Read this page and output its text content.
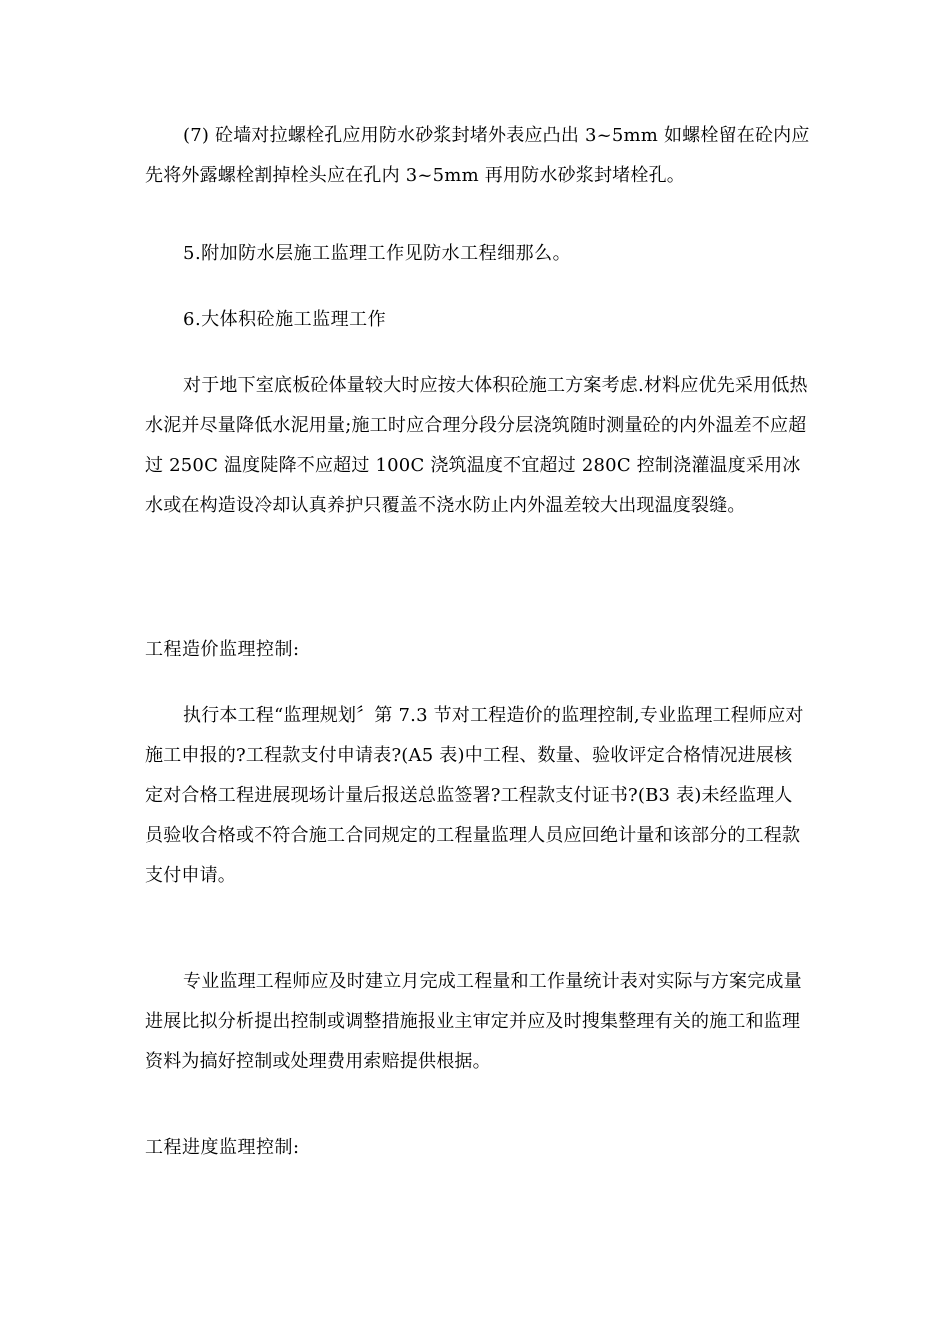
(7) 砼墙对拉螺栓孔应用防水砂浆封堵外表应凸出 3~5mm 如螺栓留在砼内应先将外露螺栓割掉栓头应在孔内 3~5mm 再用防水砂浆封堵栓孔。
5.附加防水层施工监理工作见防水工程细那么。
6.大体积砼施工监理工作
对于地下室底板砼体量较大时应按大体积砼施工方案考虑.材料应优先采用低热水泥并尽量降低水泥用量;施工时应合理分段分层浇筑随时测量砼的内外温差不应超过 250C 温度陡降不应超过 100C 浇筑温度不宜超过 280C 控制浇灌温度采用冰水或在构造设冷却认真养护只覆盖不浇水防止内外温差较大出现温度裂缝。
工程造价监理控制:
执行本工程“监理规划〞第 7.3 节对工程造价的监理控制,专业监理工程师应对施工申报的?工程款支付申请表?(A5 表)中工程、数量、验收评定合格情况进展核定对合格工程进展现场计量后报送总监签署?工程款支付证书?(B3 表)未经监理人员验收合格或不符合施工合同规定的工程量监理人员应回绝计量和该部分的工程款支付申请。
专业监理工程师应及时建立月完成工程量和工作量统计表对实际与方案完成量进展比拟分析提出控制或调整措施报业主审定并应及时搜集整理有关的施工和监理资料为搞好控制或处理费用索赔提供根据。
工程进度监理控制:
